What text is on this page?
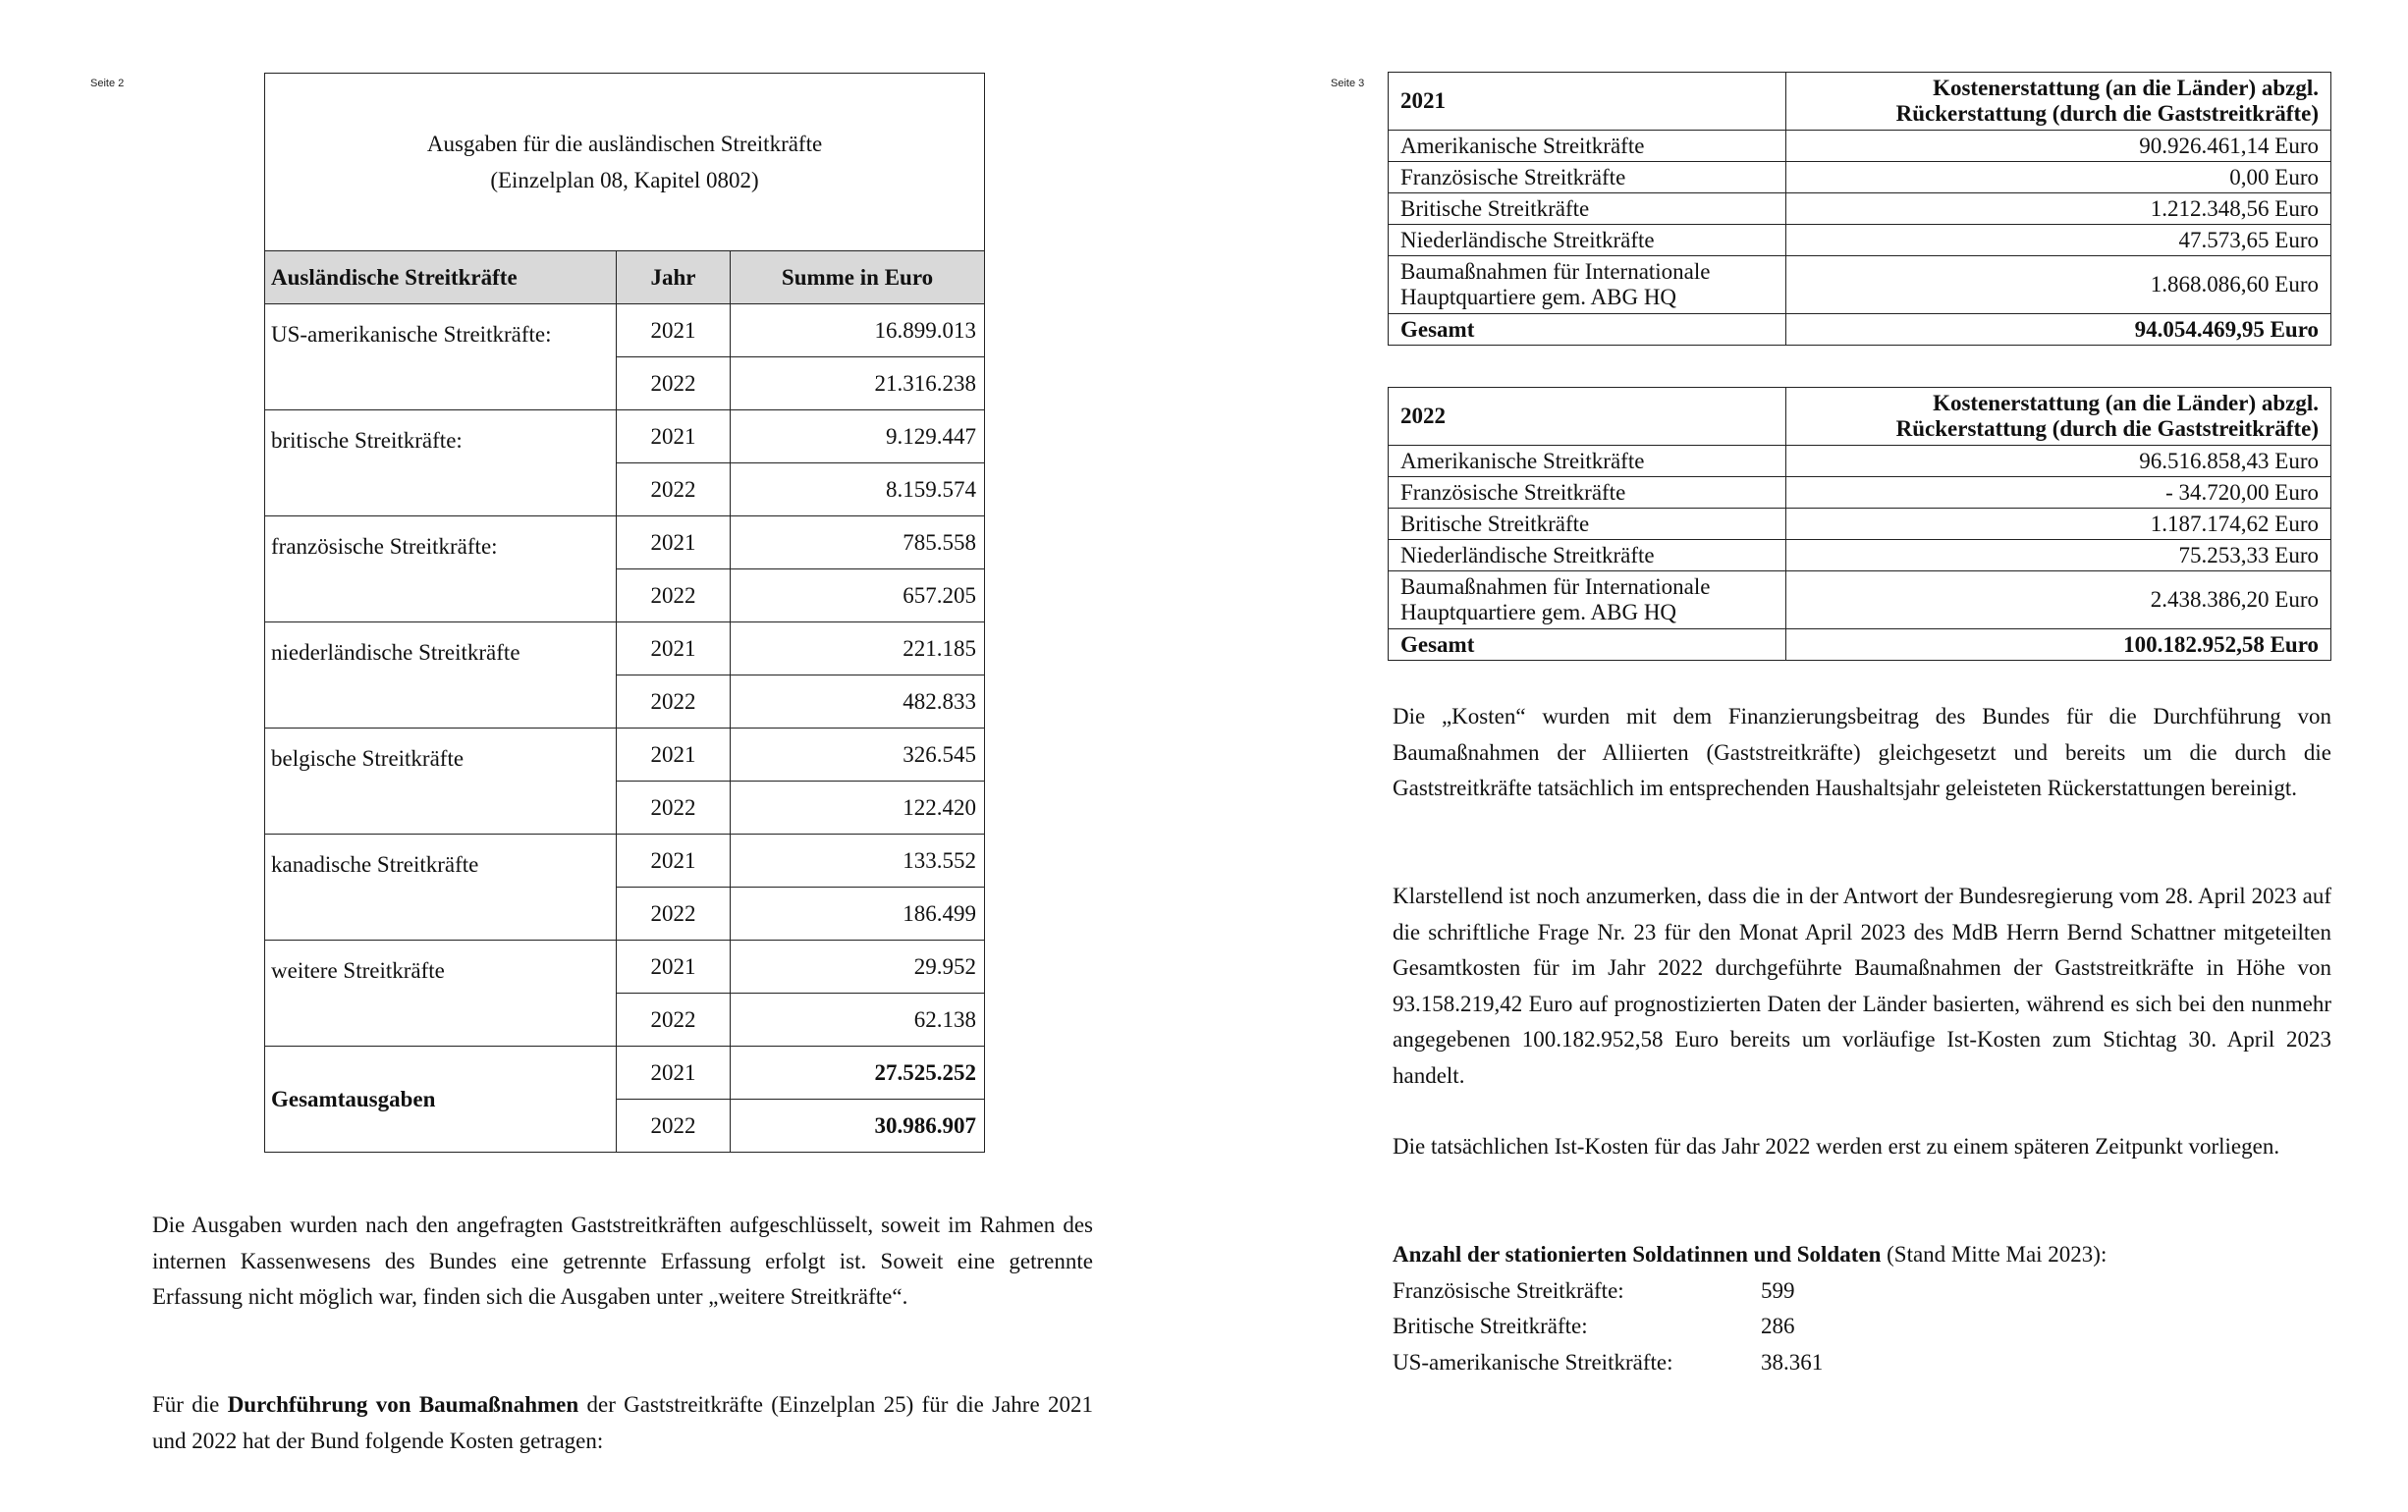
Seite 2
Ausgaben für die ausländischen Streitkräfte
(Einzelplan 08, Kapitel 0802)		

Ausländische Streitkräfte	Jahr	Summe in Euro
US-amerikanische Streitkräfte:	2021	16.899.013
	2022	21.316.238
britische Streitkräfte:	2021	9.129.447
	2022	8.159.574
französische Streitkräfte:	2021	785.558
	2022	657.205
niederländische Streitkräfte	2021	221.185
	2022	482.833
belgische Streitkräfte	2021	326.545
	2022	122.420
kanadische Streitkräfte	2021	133.552
	2022	186.499
weitere Streitkräfte	2021	29.952
	2022	62.138
Gesamtausgaben	2021	27.525.252
	2022	30.986.907
Die Ausgaben wurden nach den angefragten Gaststreitkräften aufgeschlüsselt, soweit im Rahmen des internen Kassenwesens des Bundes eine getrennte Erfassung erfolgt ist. Soweit eine getrennte Erfassung nicht möglich war, finden sich die Ausgaben unter „weitere Streitkräfte“.
Für die Durchführung von Baumaßnahmen der Gaststreitkräfte (Einzelplan 25) für die Jahre 2021 und 2022 hat der Bund folgende Kosten getragen:
Seite 3
2021	Kostenerstattung (an die Länder) abzgl.
Rückerstattung (durch die Gaststreitkräfte)

Amerikanische Streitkräfte	90.926.461,14 Euro
Französische Streitkräfte	0,00 Euro
Britische Streitkräfte	1.212.348,56 Euro
Niederländische Streitkräfte	47.573,65 Euro

Baumaßnahmen für Internationale
Hauptquartiere gem. ABG HQ	1.868.086,60 Euro
Gesamt	94.054.469,95 Euro
2022	Kostenerstattung (an die Länder) abzgl.
Rückerstattung (durch die Gaststreitkräfte)

Amerikanische Streitkräfte	96.516.858,43 Euro
Französische Streitkräfte	- 34.720,00 Euro
Britische Streitkräfte	1.187.174,62 Euro
Niederländische Streitkräfte	75.253,33 Euro

Baumaßnahmen für Internationale
Hauptquartiere gem. ABG HQ	2.438.386,20 Euro
Gesamt	100.182.952,58 Euro
Die „Kosten“ wurden mit dem Finanzierungsbeitrag des Bundes für die Durchführung von Baumaßnahmen der Alliierten (Gaststreitkräfte) gleichgesetzt und bereits um die durch die Gaststreitkräfte tatsächlich im entsprechenden Haushaltsjahr geleisteten Rückerstattungen bereinigt.
Klarstellend ist noch anzumerken, dass die in der Antwort der Bundesregierung vom 28. April 2023 auf die schriftliche Frage Nr. 23 für den Monat April 2023 des MdB Herrn Bernd Schattner mitgeteilten Gesamtkosten für im Jahr 2022 durchgeführte Baumaßnahmen der Gaststreitkräfte in Höhe von 93.158.219,42 Euro auf prognostizierten Daten der Länder basierten, während es sich bei den nunmehr angegebenen 100.182.952,58 Euro bereits um vorläufige Ist-Kosten zum Stichtag 30. April 2023 handelt.
Die tatsächlichen Ist-Kosten für das Jahr 2022 werden erst zu einem späteren Zeitpunkt vorliegen.
Anzahl der stationierten Soldatinnen und Soldaten (Stand Mitte Mai 2023):
Französische Streitkräfte:	599
Britische Streitkräfte:	286
US-amerikanische Streitkräfte:	38.361
